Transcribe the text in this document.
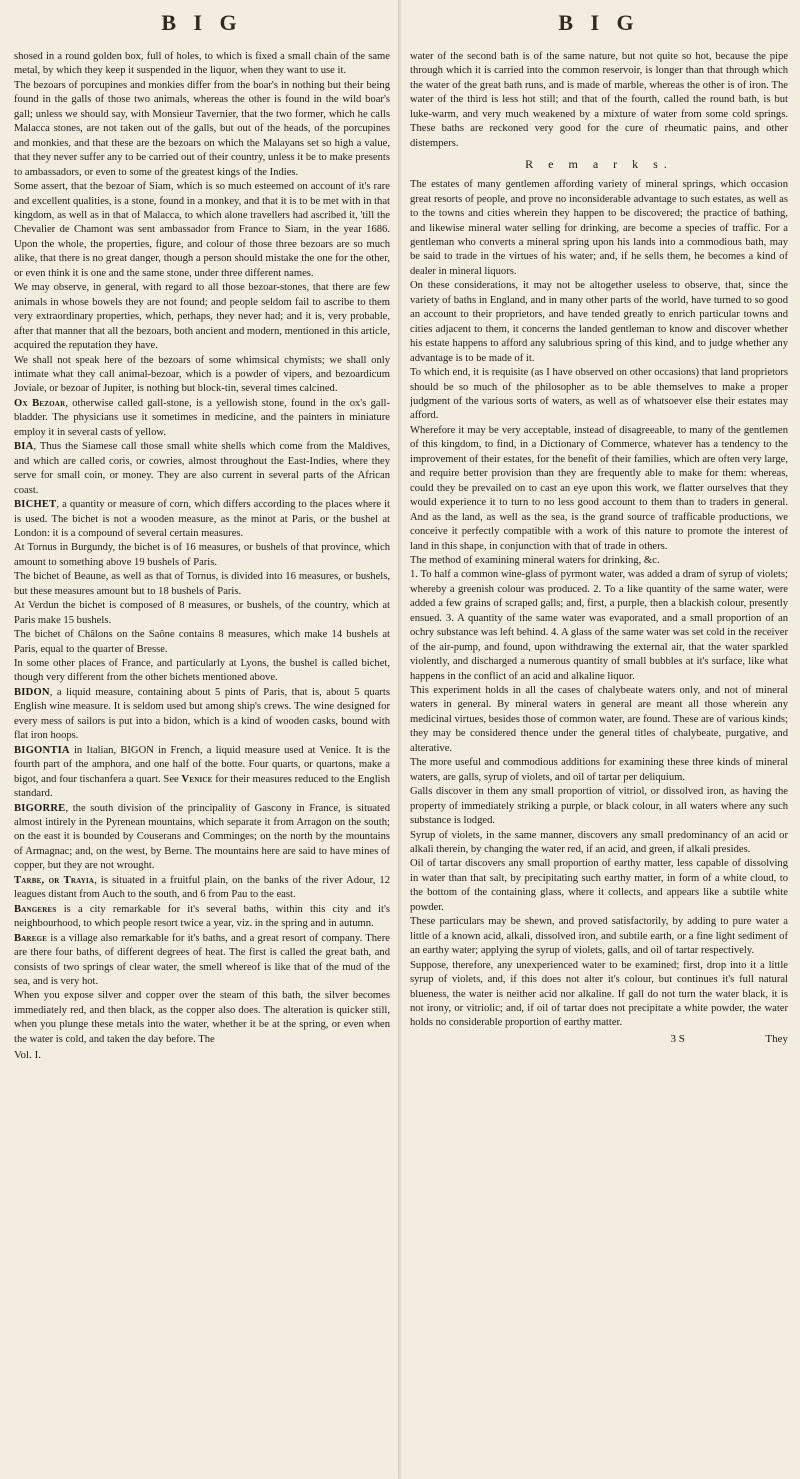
B I G

shosed in a round golden box, full of holes, to which is fixed a small chain of the same metal, by which they keep it suspended in the liquor, when they want to use it.

The bezoars of porcupines and monkies differ from the boar's in nothing but their being found in the galls of those two animals, whereas the other is found in the wild boar's gall; unless we should say, with Monsieur Tavernier, that the two former, which he calls Malacca stones, are not taken out of the galls, but out of the heads, of the porcupines and monkies, and that these are the bezoars on which the Malayans set so high a value, that they never suffer any to be carried out of their country, unless it be to make presents to ambassadors, or even to some of the greatest kings of the Indies.

Some assert, that the bezoar of Siam, which is so much esteemed on account of it's rare and excellent qualities, is a stone, found in a monkey, and that it is to be met with in that kingdom, as well as in that of Malacca, to which alone travellers had ascribed it, 'till the Chevalier de Chamont was sent ambassador from France to Siam, in the year 1686. Upon the whole, the properties, figure, and colour of those three bezoars are so much alike, that there is no great danger, though a person should mistake the one for the other, or even think it is one and the same stone, under three different names.

We may observe, in general, with regard to all those bezoar-stones, that there are few animals in whose bowels they are not found; and people seldom fail to ascribe to them very extraordinary properties, which, perhaps, they never had; and it is, very probable, after that manner that all the bezoars, both ancient and modern, mentioned in this article, acquired the reputation they have.

We shall not speak here of the bezoars of some whimsical chymists; we shall only intimate what they call animal-bezoar, which is a powder of vipers, and bezoardicum Joviale, or bezoar of Jupiter, is nothing but block-tin, several times calcined.

Ox Bezoar, otherwise called gall-stone, is a yellowish stone, found in the ox's gall-bladder. The physicians use it sometimes in medicine, and the painters in miniature employ it in several casts of yellow.

BIA, Thus the Siamese call those small white shells which come from the Maldives, and which are called coris, or cowries, almost throughout the East-Indies, where they serve for small coin, or money. They are also current in several parts of the African coast.

BICHET, a quantity or measure of corn, which differs according to the places where it is used. The bichet is not a wooden measure, as the minot at Paris, or the bushel at London: it is a compound of several certain measures.

At Tornus in Burgundy, the bichet is of 16 measures, or bushels of that province, which amount to something above 19 bushels of Paris.

The bichet of Beaune, as well as that of Tornus, is divided into 16 measures, or bushels, but these measures amount but to 18 bushels of Paris.

At Verdun the bichet is composed of 8 measures, or bushels, of the country, which at Paris make 15 bushels.

The bichet of Châlons on the Saône contains 8 measures, which make 14 bushels at Paris, equal to the quarter of Bresse.

In some other places of France, and particularly at Lyons, the bushel is called bichet, though very different from the other bichets mentioned above.

BIDON, a liquid measure, containing about 5 pints of Paris, that is, about 5 quarts English wine measure. It is seldom used but among ship's crews. The wine designed for every mess of sailors is put into a bidon, which is a kind of wooden casks, bound with flat iron hoops.

BIGONTIA in Italian, BIGON in French, a liquid measure used at Venice. It is the fourth part of the amphora, and one half of the botte. Four quarts, or quartons, make a bigot, and four tischanfera a quart. See Venice for their measures reduced to the English standard.

BIGORRE, the south division of the principality of Gascony in France, is situated almost intirely in the Pyrenean mountains, which separate it from Arragon on the south; on the east it is bounded by Couserans and Comminges; on the north by the mountains of Armagnac; and, on the west, by Berne. The mountains here are said to have mines of copper, but they are not wrought.

Tarbe, or Trayia, is situated in a fruitful plain, on the banks of the river Adour, 12 leagues distant from Auch to the south, and 6 from Pau to the east.

Bangeres is a city remarkable for it's several baths, within this city and it's neighbourhood, to which people resort twice a year, viz. in the spring and in autumn.

Barege is a village also remarkable for it's baths, and a great resort of company. There are there four baths, of different degrees of heat. The first is called the great bath, and consists of two springs of clear water, the smell whereof is like that of the mud of the sea, and is very hot.

When you expose silver and copper over the steam of this bath, the silver becomes immediately red, and then black, as the copper also does. The alteration is quicker still, when you plunge these metals into the water, whether it be at the spring, or even when the water is cold, and taken the day before. The

Vol. I.
B I G

water of the second bath is of the same nature, but not quite so hot, because the pipe through which it is carried into the common reservoir, is longer than that through which the water of the great bath runs, and is made of marble, whereas the other is of iron. The water of the third is less hot still; and that of the fourth, called the round bath, is but luke-warm, and very much weakened by a mixture of water from some cold springs. These baths are reckoned very good for the cure of rheumatic pains, and other distempers.

R e m a r k s.

The estates of many gentlemen affording variety of mineral springs, which occasion great resorts of people, and prove no inconsiderable advantage to such estates, as well as to the towns and cities wherein they happen to be discovered; the practice of bathing, and likewise mineral water selling for drinking, are become a species of traffic. For a gentleman who converts a mineral spring upon his lands into a commodious bath, may be said to trade in the virtues of his water; and, if he sells them, he becomes a kind of dealer in mineral liquors.

On these considerations, it may not be altogether useless to observe, that, since the variety of baths in England, and in many other parts of the world, have turned to so good an account to their proprietors, and have tended greatly to enrich particular towns and cities adjacent to them, it concerns the landed gentleman to know and discover whether his estate happens to afford any salubrious spring of this kind, and to judge whether any advantage is to be made of it.

To which end, it is requisite (as I have observed on other occasions) that land proprietors should be so much of the philosopher as to be able themselves to make a proper judgment of the various sorts of waters, as well as of whatsoever else their estates may afford.

Wherefore it may be very acceptable, instead of disagreeable, to many of the gentlemen of this kingdom, to find, in a Dictionary of Commerce, whatever has a tendency to the improvement of their estates, for the benefit of their families, which are often very large, and require better provision than they are frequently able to make for them: whereas, could they be prevailed on to cast an eye upon this work, we flatter ourselves that they would experience it to turn to no less good account to them than to traders in general. And as the land, as well as the sea, is the grand source of trafficable productions, we conceive it perfectly compatible with a work of this nature to promote the interest of land in this shape, in conjunction with that of trade in others.

The method of examining mineral waters for drinking, &c.

1. To half a common wine-glass of pyrmont water, was added a dram of syrup of violets; whereby a greenish colour was produced. 2. To a like quantity of the same water, were added a few grains of scraped galls; and, first, a purple, then a blackish colour, presently ensued. 3. A quantity of the same water was evaporated, and a small proportion of an ochry substance was left behind. 4. A glass of the same water was set cold in the receiver of the air-pump, and found, upon withdrawing the external air, that the water sparkled violently, and discharged a numerous quantity of small bubbles at it's surface, like what happens in the conflict of an acid and alkaline liquor.

This experiment holds in all the cases of chalybeate waters only, and not of mineral waters in general. By mineral waters in general are meant all those wherein any medicinal virtues, besides those of common water, are found. These are of various kinds; they may be considered thence under the general titles of chalybeate, purgative, and alterative.

The more useful and commodious additions for examining these three kinds of mineral waters, are galls, syrup of violets, and oil of tartar per deliquium.

Galls discover in them any small proportion of vitriol, or dissolved iron, as having the property of immediately striking a purple, or black colour, in all waters where any such substance is lodged.

Syrup of violets, in the same manner, discovers any small predominancy of an acid or alkali therein, by changing the water red, if an acid, and green, if alkali presides.

Oil of tartar discovers any small proportion of earthy matter, less capable of dissolving in water than that salt, by precipitating such earthy matter, in form of a white cloud, to the bottom of the containing glass, where it collects, and appears like a subtile white powder.

These particulars may be shewn, and proved satisfactorily, by adding to pure water a little of a known acid, alkali, dissolved iron, and subtile earth, or a fine light sediment of an earthy water; applying the syrup of violets, galls, and oil of tartar respectively.

Suppose, therefore, any unexperienced water to be examined; first, drop into it a little syrup of violets, and, if this does not alter it's colour, but continues it's full natural blueness, the water is neither acid nor alkaline. If gall do not turn the water black, it is not irony, or vitriolic; and, if oil of tartar does not precipitate a white powder, the water holds no considerable proportion of earthy matter.

3 S	They
